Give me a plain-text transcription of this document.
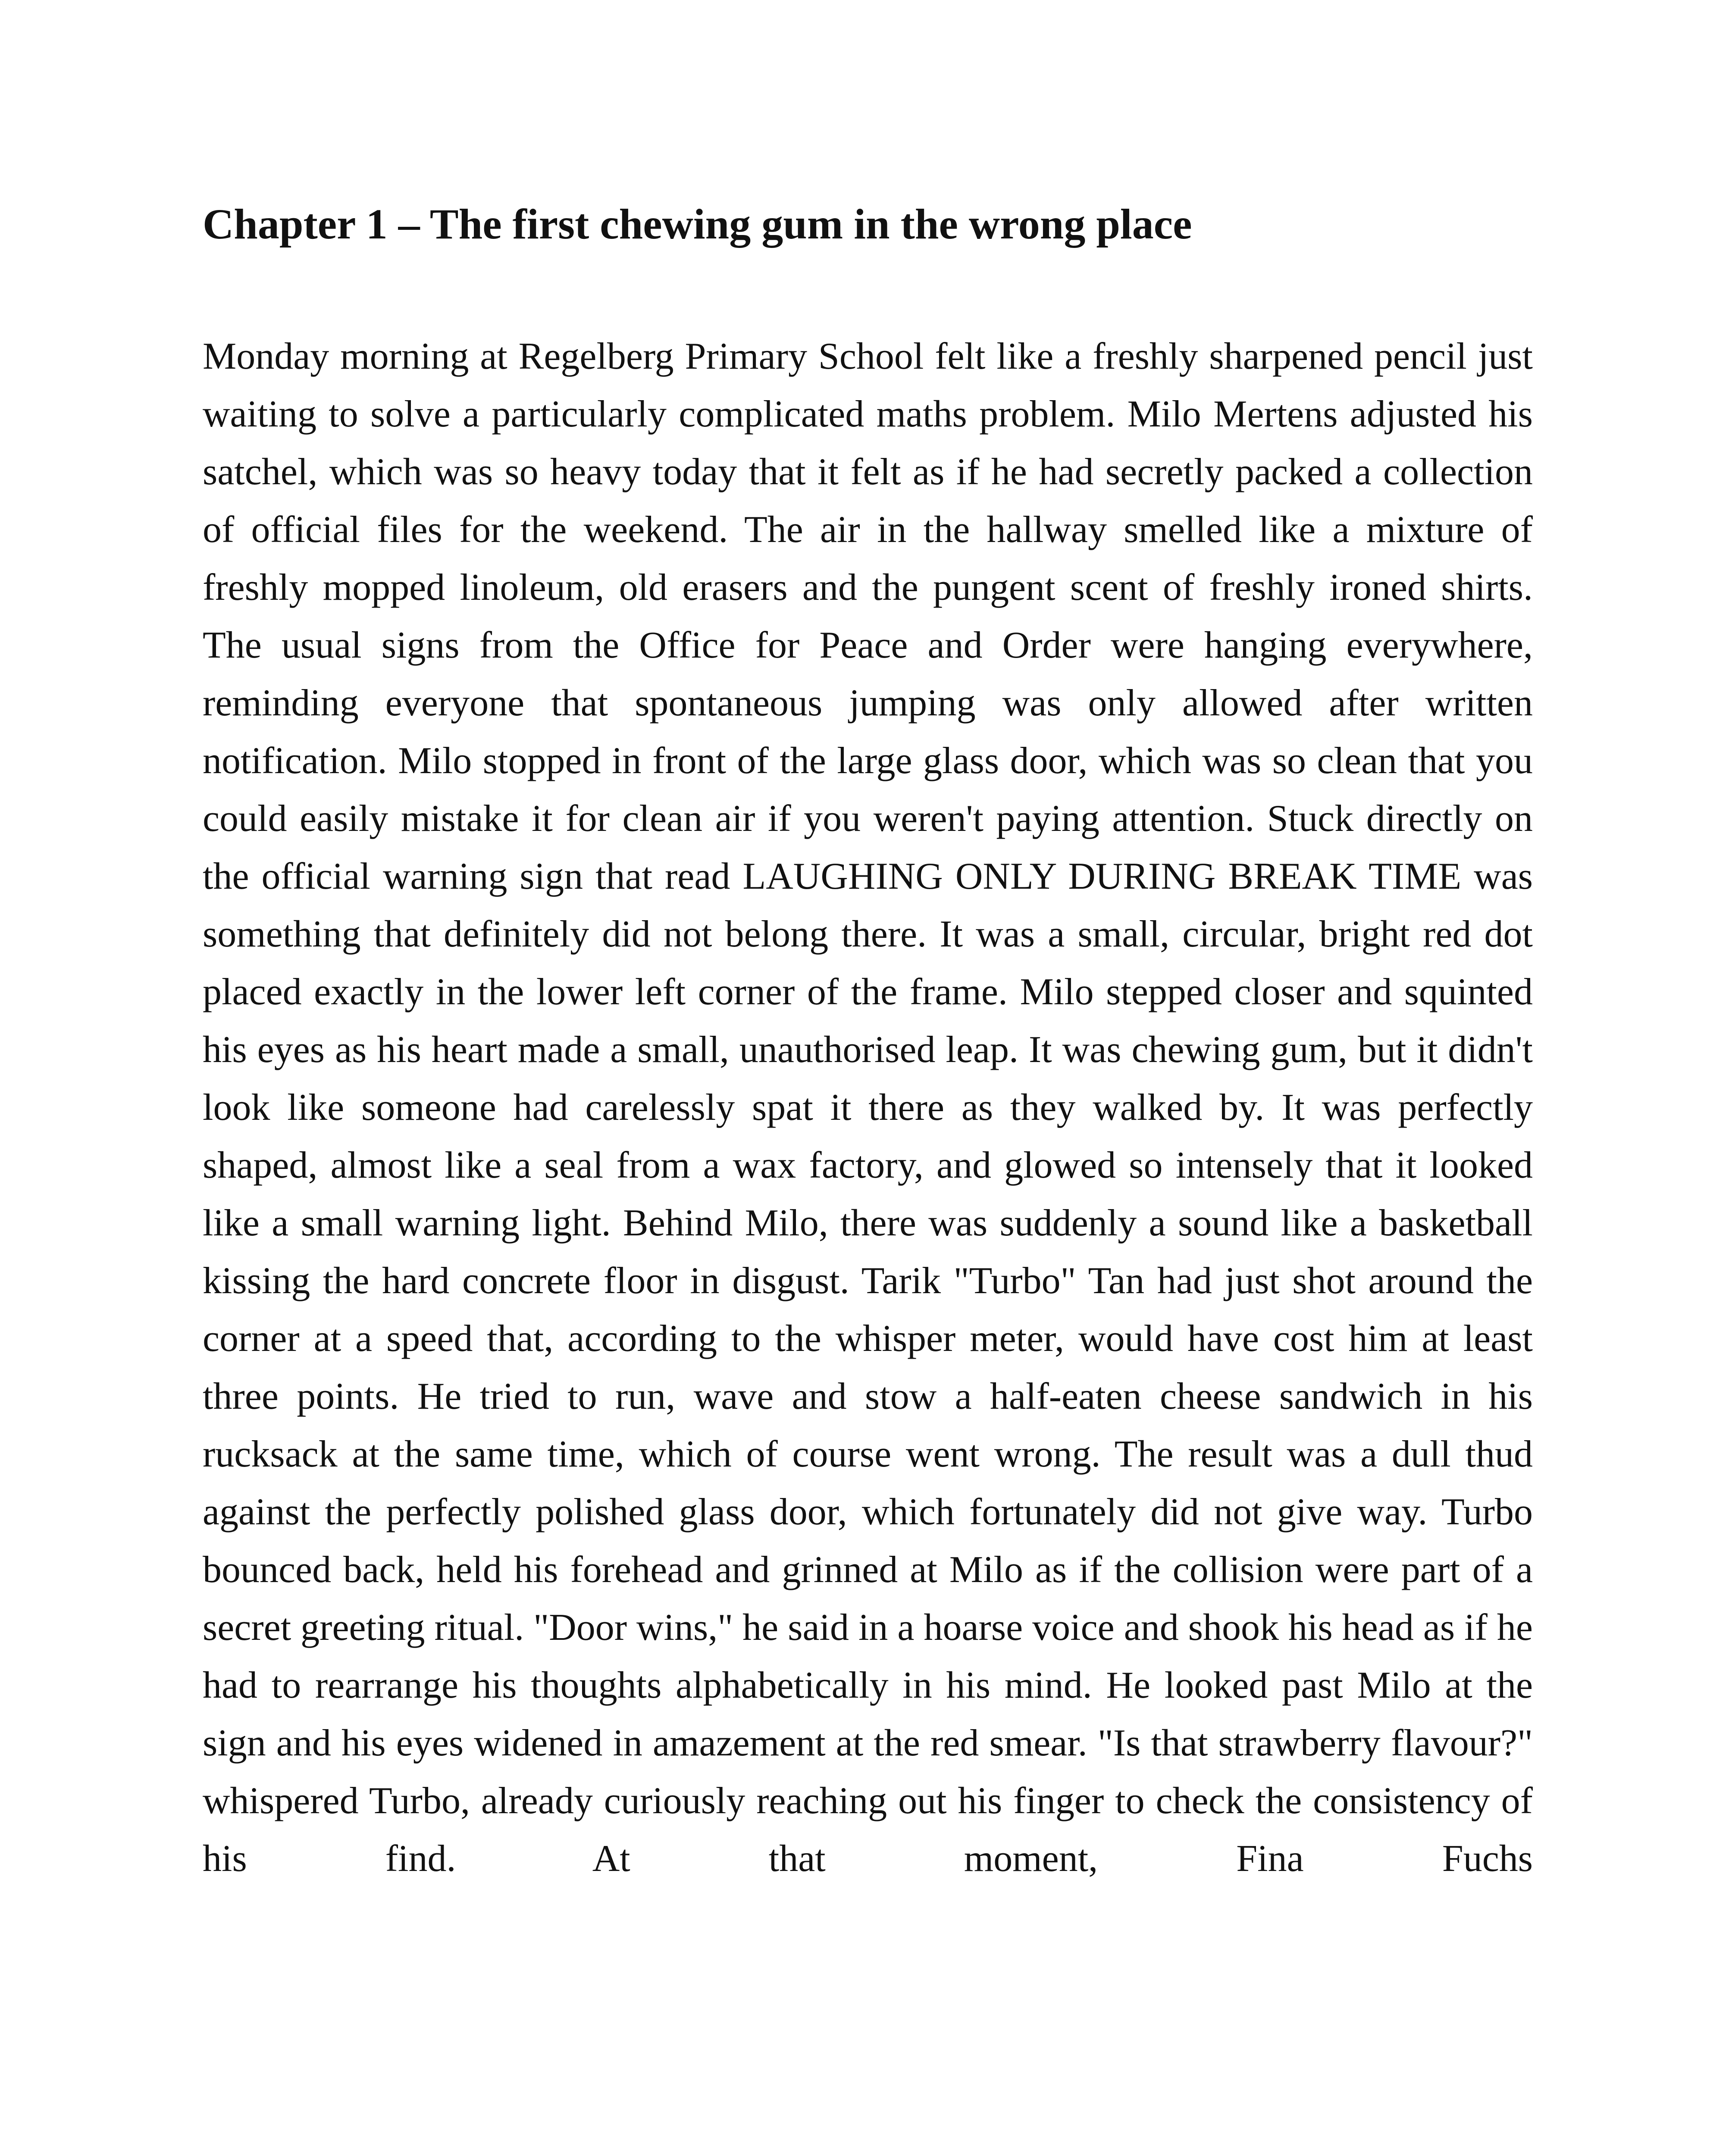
Chapter 1 – The first chewing gum in the wrong place

Monday morning at Regelberg Primary School felt like a freshly sharpened pencil just waiting to solve a particularly complicated maths problem. Milo Mertens adjusted his satchel, which was so heavy today that it felt as if he had secretly packed a collection of official files for the weekend. The air in the hallway smelled like a mixture of freshly mopped linoleum, old erasers and the pungent scent of freshly ironed shirts. The usual signs from the Office for Peace and Order were hanging everywhere, reminding everyone that spontaneous jumping was only allowed after written notification. Milo stopped in front of the large glass door, which was so clean that you could easily mistake it for clean air if you weren't paying attention. Stuck directly on the official warning sign that read LAUGHING ONLY DURING BREAK TIME was something that definitely did not belong there. It was a small, circular, bright red dot placed exactly in the lower left corner of the frame. Milo stepped closer and squinted his eyes as his heart made a small, unauthorised leap. It was chewing gum, but it didn't look like someone had carelessly spat it there as they walked by. It was perfectly shaped, almost like a seal from a wax factory, and glowed so intensely that it looked like a small warning light. Behind Milo, there was suddenly a sound like a basketball kissing the hard concrete floor in disgust. Tarik "Turbo" Tan had just shot around the corner at a speed that, according to the whisper meter, would have cost him at least three points. He tried to run, wave and stow a half-eaten cheese sandwich in his rucksack at the same time, which of course went wrong. The result was a dull thud against the perfectly polished glass door, which fortunately did not give way. Turbo bounced back, held his forehead and grinned at Milo as if the collision were part of a secret greeting ritual. "Door wins," he said in a hoarse voice and shook his head as if he had to rearrange his thoughts alphabetically in his mind. He looked past Milo at the sign and his eyes widened in amazement at the red smear. "Is that strawberry flavour?" whispered Turbo, already curiously reaching out his finger to check the consistency of his find. At that moment, Fina Fuchs
